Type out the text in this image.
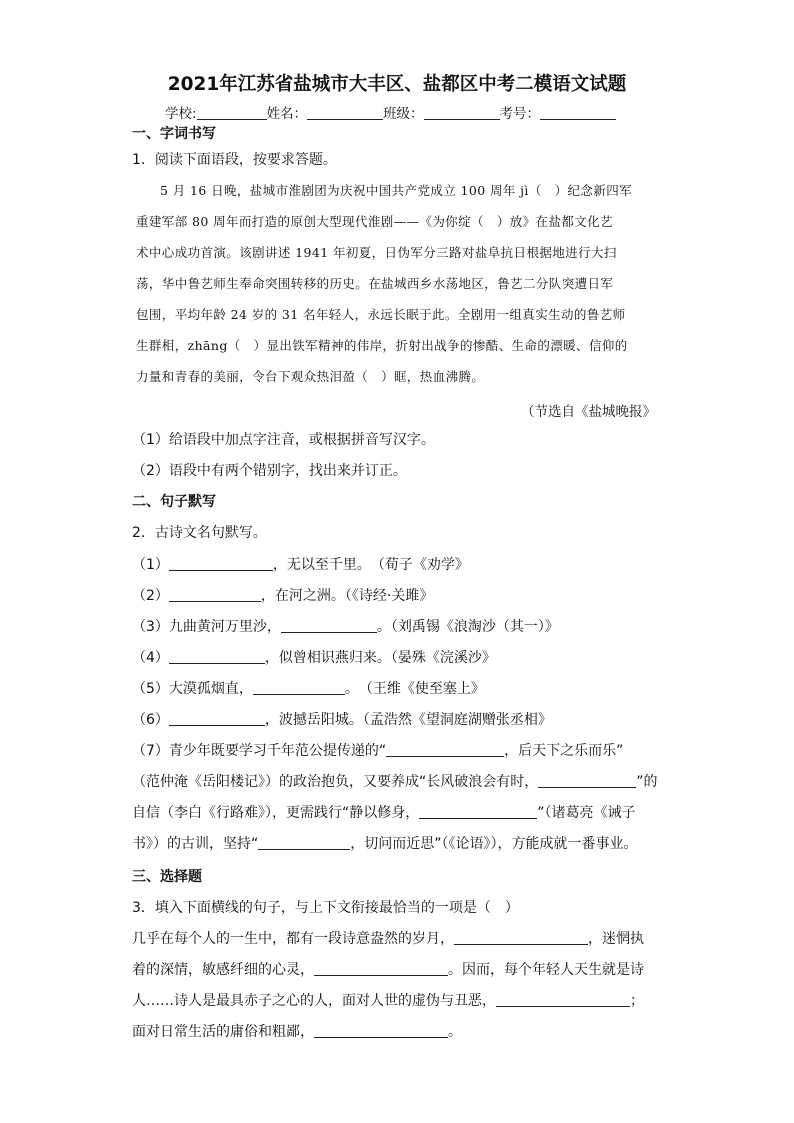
2021年江苏省盐城市大丰区、盐都区中考二模语文试题
学校:	姓名：	班级：	考号：
一、字词书写
1．阅读下面语段，按要求答题。
5 月 16 日晚，盐城市淮剧团为庆祝中国共产党成立 100 周年 jì（　）纪念新四军
重建军部 80 周年而打造的原创大型现代淮剧——《为你绽（　）放》在盐都文化艺
术中心成功首演。该剧讲述 1941 年初夏，日伪军分三路对盐阜抗日根据地进行大扫
荡，华中鲁艺师生奉命突围转移的历史。在盐城西乡水荡地区，鲁艺二分队突遭日军
包围，平均年龄 24 岁的 31 名年轻人，永远长眠于此。全剧用一组真实生动的鲁艺师
生群相，zhāng（　）显出铁军精神的伟岸，折射出战争的惨酷、生命的漂暖、信仰的
力量和青春的美丽，令台下观众热泪盈（　）眶，热血沸腾。
（节选自《盐城晚报》
（1）给语段中加点字注音，或根据拼音写汉字。
（2）语段中有两个错别字，找出来并订正。
二、句子默写
2．古诗文名句默写。
（1）	，无以至千里。　（荀子《劝学》
（2）	，在河之洲。（《诗经·关雎》
（3）九曲黄河万里沙，	。（刘禹锡《浪淘沙（其一）》
（4）	，似曾相识燕归来。（晏殊《浣溪沙》
（5）大漠孤烟直，	。　（王维《使至塞上》
（6）	，波撼岳阳城。（孟浩然《望洞庭湖赠张丞相》
（7）青少年既要学习千年范公提传递的“	，后天下之乐而乐”
（范仲淹《岳阳楼记》）的政治抱负，又要养成“长风破浪会有时，	”的
自信（李白《行路难》），更需践行“静以修身，	”（诸葛亮《诫子
书》）的古训，坚持“	，切问而近思”（《论语》），方能成就一番事业。
三、选择题
3．填入下面横线的句子，与上下文衔接最恰当的一项是（　）
几乎在每个人的一生中，都有一段诗意盎然的岁月，	，迷惘执
着的深情，敏感纤细的心灵，	。因而，每个年轻人天生就是诗
人……诗人是最具赤子之心的人，面对人世的虚伪与丑恶，	；
面对日常生活的庸俗和粗鄙，	。
